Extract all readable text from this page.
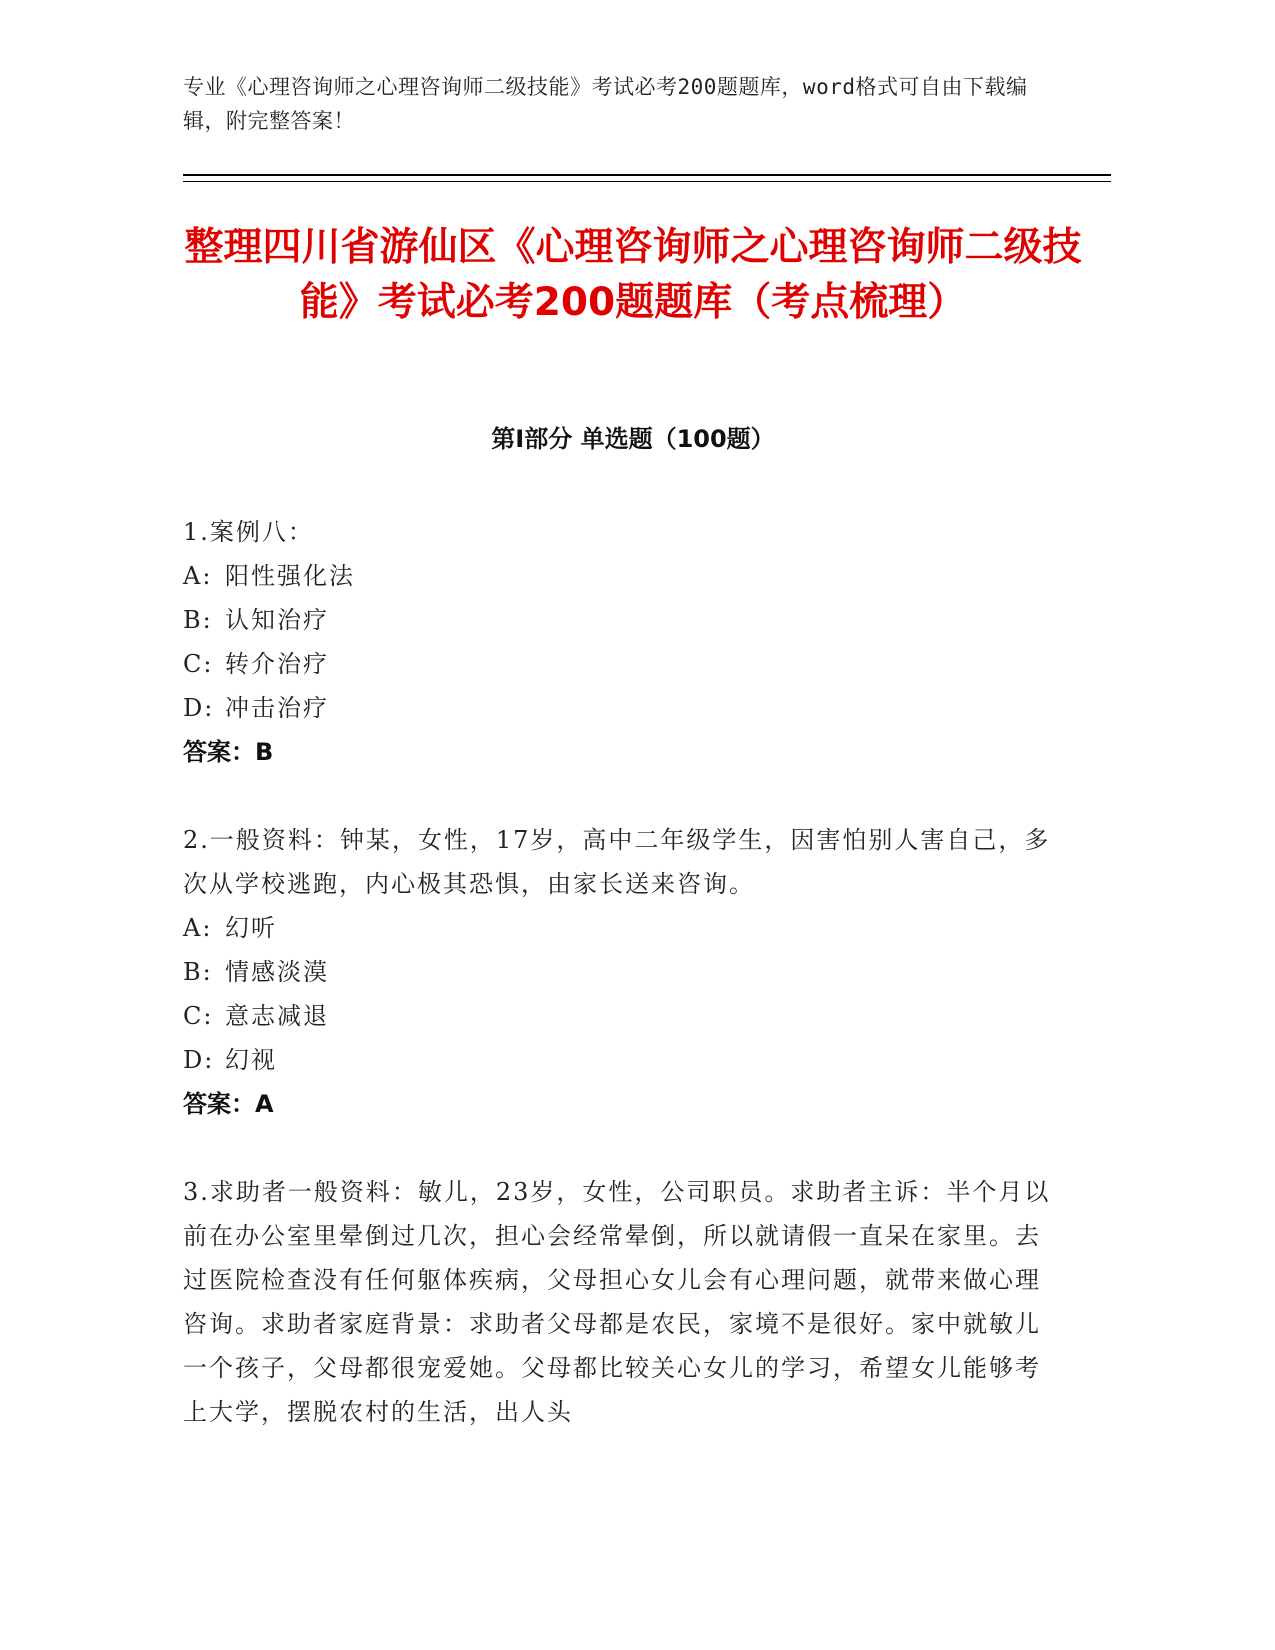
专业《心理咨询师之心理咨询师二级技能》考试必考200题题库，word格式可自由下载编辑，附完整答案！
整理四川省游仙区《心理咨询师之心理咨询师二级技能》考试必考200题题库（考点梳理）
第Ⅰ部分 单选题（100题）

1.案例八：

A: 阳性强化法
B: 认知治疗
C: 转介治疗
D: 冲击治疗

答案：B

2.一般资料：钟某，女性，17岁，高中二年级学生，因害怕别人害自己，多次从学校逃跑，内心极其恐惧，由家长送来咨询。

A: 幻听
B: 情感淡漠
C: 意志减退
D: 幻视

答案：A

3.求助者一般资料：敏儿，23岁，女性，公司职员。求助者主诉：半个月以前在办公室里晕倒过几次，担心会经常晕倒，所以就请假一直呆在家里。去过医院检查没有任何躯体疾病，父母担心女儿会有心理问题，就带来做心理咨询。求助者家庭背景：求助者父母都是农民，家境不是很好。家中就敏儿一个孩子，父母都很宠爱她。父母都比较关心女儿的学习，希望女儿能够考上大学，摆脱农村的生活，出人头
